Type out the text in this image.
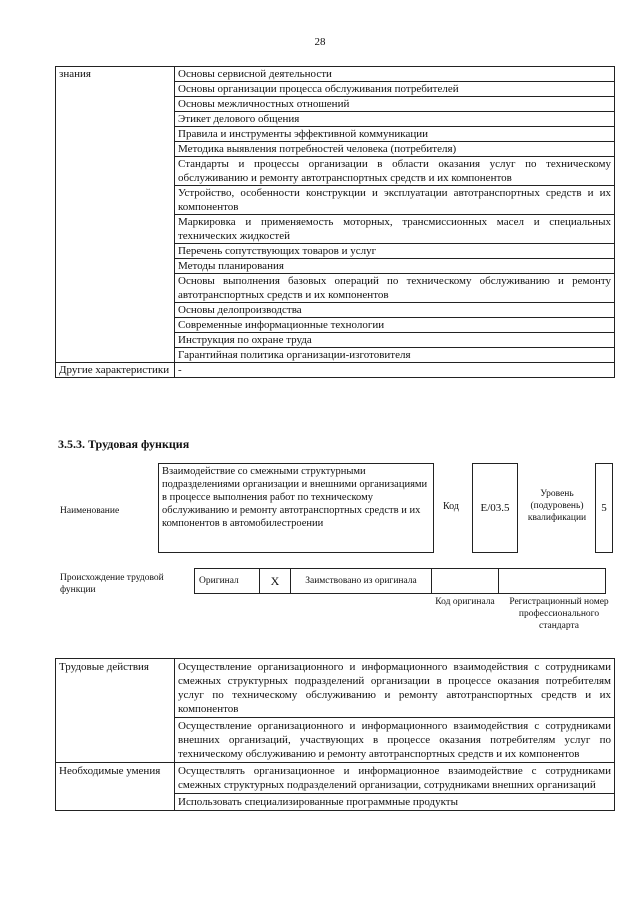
28
знания	Основы сервисной деятельности
	Основы организации процесса обслуживания потребителей
	Основы межличностных отношений
	Этикет делового общения
	Правила и инструменты эффективной коммуникации
	Методика выявления потребностей человека (потребителя)
	Стандарты и процессы организации в области оказания услуг по техническому обслуживанию и ремонту автотранспортных средств и их компонентов
	Устройство, особенности конструкции и эксплуатации автотранспортных средств и их компонентов
	Маркировка и применяемость моторных, трансмиссионных масел и специальных технических жидкостей
	Перечень сопутствующих товаров и услуг
	Методы планирования
	Основы выполнения базовых операций по техническому обслуживанию и ремонту автотранспортных средств и их компонентов
	Основы делопроизводства
	Современные информационные технологии
	Инструкция по охране труда
	Гарантийная политика организации-изготовителя
Другие характеристики	-
3.5.3. Трудовая функция
Наименование
Взаимодействие со смежными структурными подразделениями организации и внешними организациями в процессе выполнения работ по техническому обслуживанию и ремонту автотранспортных средств и их компонентов в автомобилестроении
Код E/03.5
Уровень (подуровень) квалификации
5
Происхождение трудовой функции
Оригинал	X	Заимствовано из оригинала		
Код оригинала	Регистрационный номер профессионального стандарта
Трудовые действия	Осуществление организационного и информационного взаимодействия с сотрудниками смежных структурных подразделений организации в процессе оказания потребителям услуг по техническому обслуживанию и ремонту автотранспортных средств и их компонентов
	Осуществление организационного и информационного взаимодействия с сотрудниками внешних организаций, участвующих в процессе оказания потребителям услуг по техническому обслуживанию и ремонту автотранспортных средств и их компонентов
Необходимые умения	Осуществлять организационное и информационное взаимодействие с сотрудниками смежных структурных подразделений организации, сотрудниками внешних организаций
	Использовать специализированные программные продукты
